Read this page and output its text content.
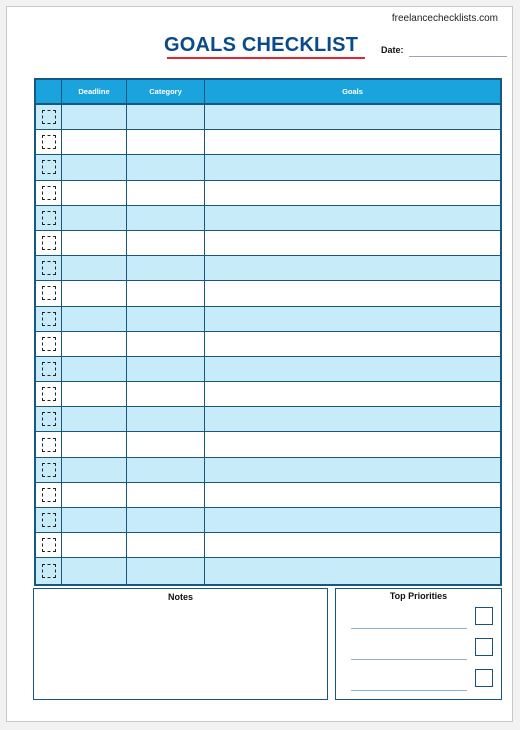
freelancechecklists.com
GOALS CHECKLIST	Date:
Deadline	Category	Goals
Notes	Top Priorities
